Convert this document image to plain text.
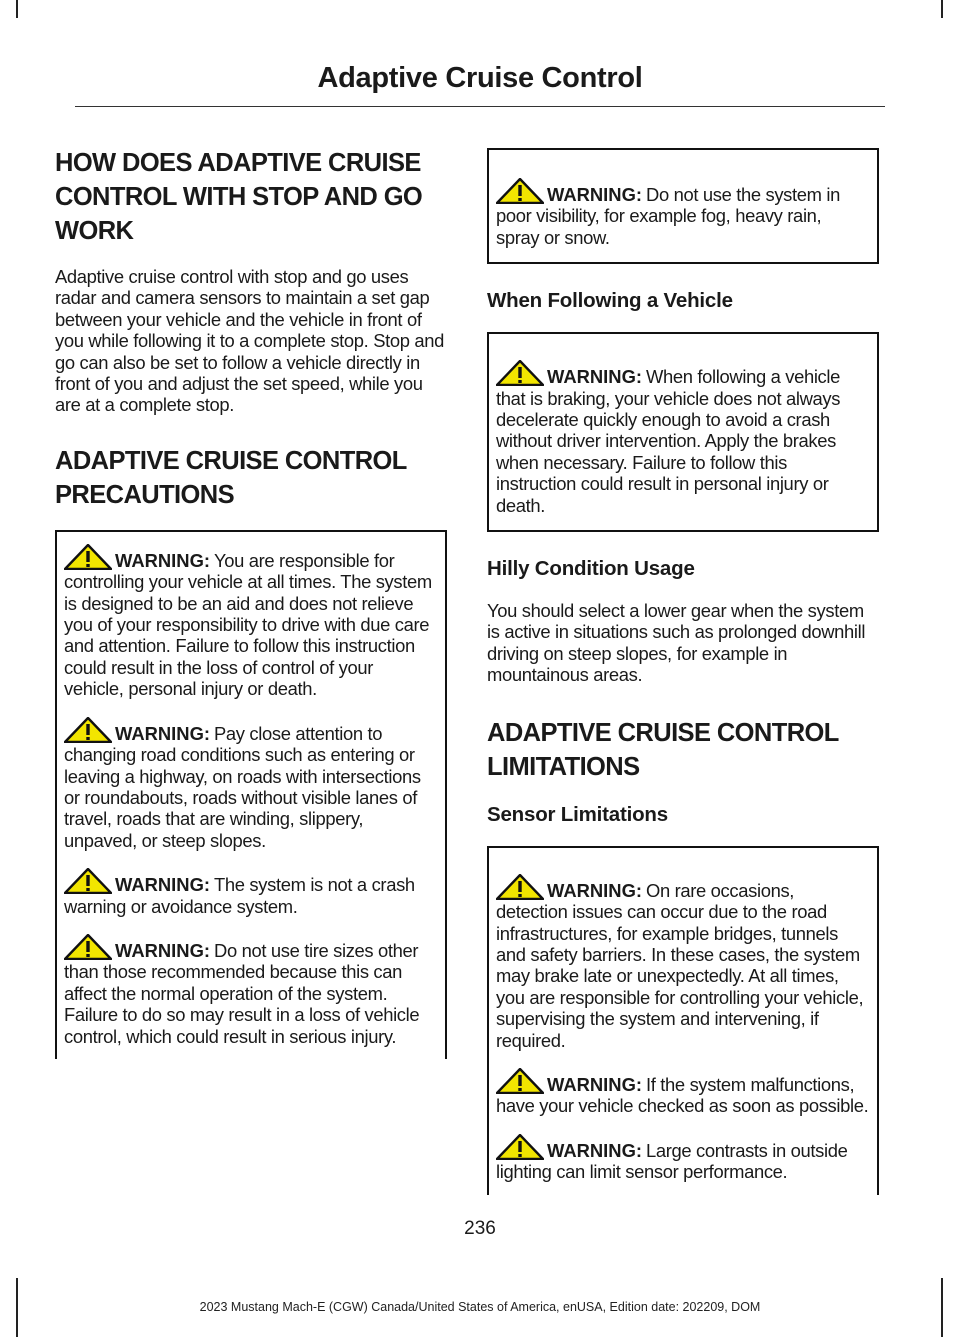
Adaptive Cruise Control
HOW DOES ADAPTIVE CRUISE CONTROL WITH STOP AND GO WORK

Adaptive cruise control with stop and go uses radar and camera sensors to maintain a set gap between your vehicle and the vehicle in front of you while following it to a complete stop. Stop and go can also be set to follow a vehicle directly in front of you and adjust the set speed, while you are at a complete stop.

ADAPTIVE CRUISE CONTROL PRECAUTIONS
WARNING: You are responsible for controlling your vehicle at all times. The system is designed to be an aid and does not relieve you of your responsibility to drive with due care and attention. Failure to follow this instruction could result in the loss of control of your vehicle, personal injury or death.
WARNING: Pay close attention to changing road conditions such as entering or leaving a highway, on roads with intersections or roundabouts, roads without visible lanes of travel, roads that are winding, slippery, unpaved, or steep slopes.
WARNING: The system is not a crash warning or avoidance system.
WARNING: Do not use tire sizes other than those recommended because this can affect the normal operation of the system. Failure to do so may result in a loss of vehicle control, which could result in serious injury.
WARNING: Do not use the system in poor visibility, for example fog, heavy rain, spray or snow.
When Following a Vehicle
WARNING: When following a vehicle that is braking, your vehicle does not always decelerate quickly enough to avoid a crash without driver intervention. Apply the brakes when necessary. Failure to follow this instruction could result in personal injury or death.
Hilly Condition Usage

You should select a lower gear when the system is active in situations such as prolonged downhill driving on steep slopes, for example in mountainous areas.

ADAPTIVE CRUISE CONTROL LIMITATIONS
Sensor Limitations
WARNING: On rare occasions, detection issues can occur due to the road infrastructures, for example bridges, tunnels and safety barriers. In these cases, the system may brake late or unexpectedly. At all times, you are responsible for controlling your vehicle, supervising the system and intervening, if required.
WARNING: If the system malfunctions, have your vehicle checked as soon as possible.
WARNING: Large contrasts in outside lighting can limit sensor performance.
236
2023 Mustang Mach-E (CGW) Canada/United States of America, enUSA, Edition date: 202209, DOM
